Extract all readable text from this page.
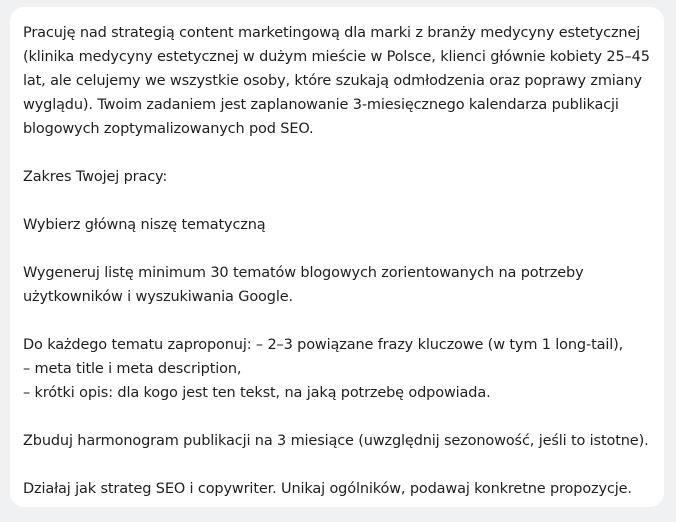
Pracuję nad strategią content marketingową dla marki z branży medycyny estetycznej
(klinika medycyny estetycznej w dużym mieście w Polsce, klienci głównie kobiety 25–45
lat, ale celujemy we wszystkie osoby, które szukają odmłodzenia oraz poprawy zmiany
wyglądu). Twoim zadaniem jest zaplanowanie 3-miesięcznego kalendarza publikacji
blogowych zoptymalizowanych pod SEO.

Zakres Twojej pracy:

Wybierz główną niszę tematyczną

Wygeneruj listę minimum 30 tematów blogowych zorientowanych na potrzeby
użytkowników i wyszukiwania Google.

Do każdego tematu zaproponuj: – 2–3 powiązane frazy kluczowe (w tym 1 long-tail),
– meta title i meta description,
– krótki opis: dla kogo jest ten tekst, na jaką potrzebę odpowiada.

Zbuduj harmonogram publikacji na 3 miesiące (uwzględnij sezonowość, jeśli to istotne).

Działaj jak strateg SEO i copywriter. Unikaj ogólników, podawaj konkretne propozycje.
